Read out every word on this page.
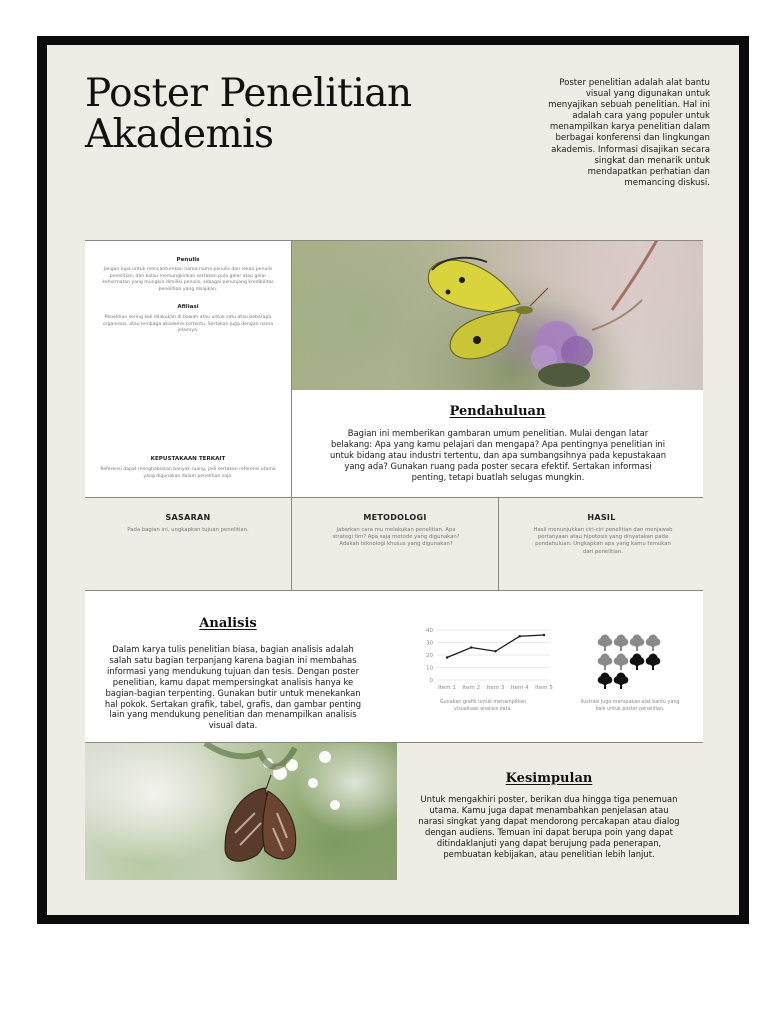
Poster Penelitian
Akademis

Poster penelitian adalah alat bantu visual yang digunakan untuk menyajikan sebuah penelitian. Hal ini adalah cara yang populer untuk menampilkan karya penelitian dalam berbagai konferensi dan lingkungan akademis. Informasi disajikan secara singkat dan menarik untuk mendapatkan perhatian dan memancing diskusi.

Penulis
Jangan lupa untuk mencantumkan nama-nama penulis dan rekan penulis penelitian, dan kalau memungkinkan sertakan pula gelar atau gelar kehormatan yang mungkin dimiliki penulis, sebagai penunjang kredibilitas penelitian yang disajikan.
Afiliasi
Penelitian sering kali dilakukan di bawah atau untuk satu atau beberapa organisasi, atau lembaga akademis tertentu. Sertakan juga dengan nama jelasnya.
KEPUSTAKAAN TERKAIT
Referensi dapat menghabiskan banyak ruang, jadi sertakan referensi utama yang digunakan dalam penelitian saja.
Pendahuluan

Bagian ini memberikan gambaran umum penelitian. Mulai dengan latar belakang: Apa yang kamu pelajari dan mengapa? Apa pentingnya penelitian ini untuk bidang atau industri tertentu, dan apa sumbangsihnya pada kepustakaan yang ada? Gunakan ruang pada poster secara efektif. Sertakan informasi penting, tetapi buatlah selugas mungkin.

SASARAN
Pada bagian ini, ungkapkan tujuan penelitian.
METODOLOGI
Jabarkan cara mu melakukan penelitian. Apa strategi tim? Apa saja metode yang digunakan? Adakah teknologi khusus yang digunakan?
HASIL
Hasil menunjukkan ciri-ciri penelitian dan menjawab pertanyaan atau hipotesis yang dinyatakan pada pendahuluan. Ungkapkan apa yang kamu temukan dari penelitian.
Analisis

Dalam karya tulis penelitian biasa, bagian analisis adalah salah satu bagian terpanjang karena bagian ini membahas informasi yang mendukung tujuan dan tesis. Dengan poster penelitian, kamu dapat mempersingkat analisis hanya ke bagian-bagian terpenting. Gunakan butir untuk menekankan hal pokok. Sertakan grafik, tabel, grafis, dan gambar penting lain yang mendukung penelitian dan menampilkan analisis visual data.

0
10
20
30
40
Item 1 Item 2 Item 3 Item 4 Item 5
Gunakan grafik untuk menampilkan visualisasi analisis data.
Ilustrasi juga merupakan alat bantu yang baik untuk poster penelitian.
Kesimpulan

Untuk mengakhiri poster, berikan dua hingga tiga penemuan utama. Kamu juga dapat menambahkan penjelasan atau narasi singkat yang dapat mendorong percakapan atau dialog dengan audiens. Temuan ini dapat berupa poin yang dapat ditindaklanjuti yang dapat berujung pada penerapan, pembuatan kebijakan, atau penelitian lebih lanjut.
